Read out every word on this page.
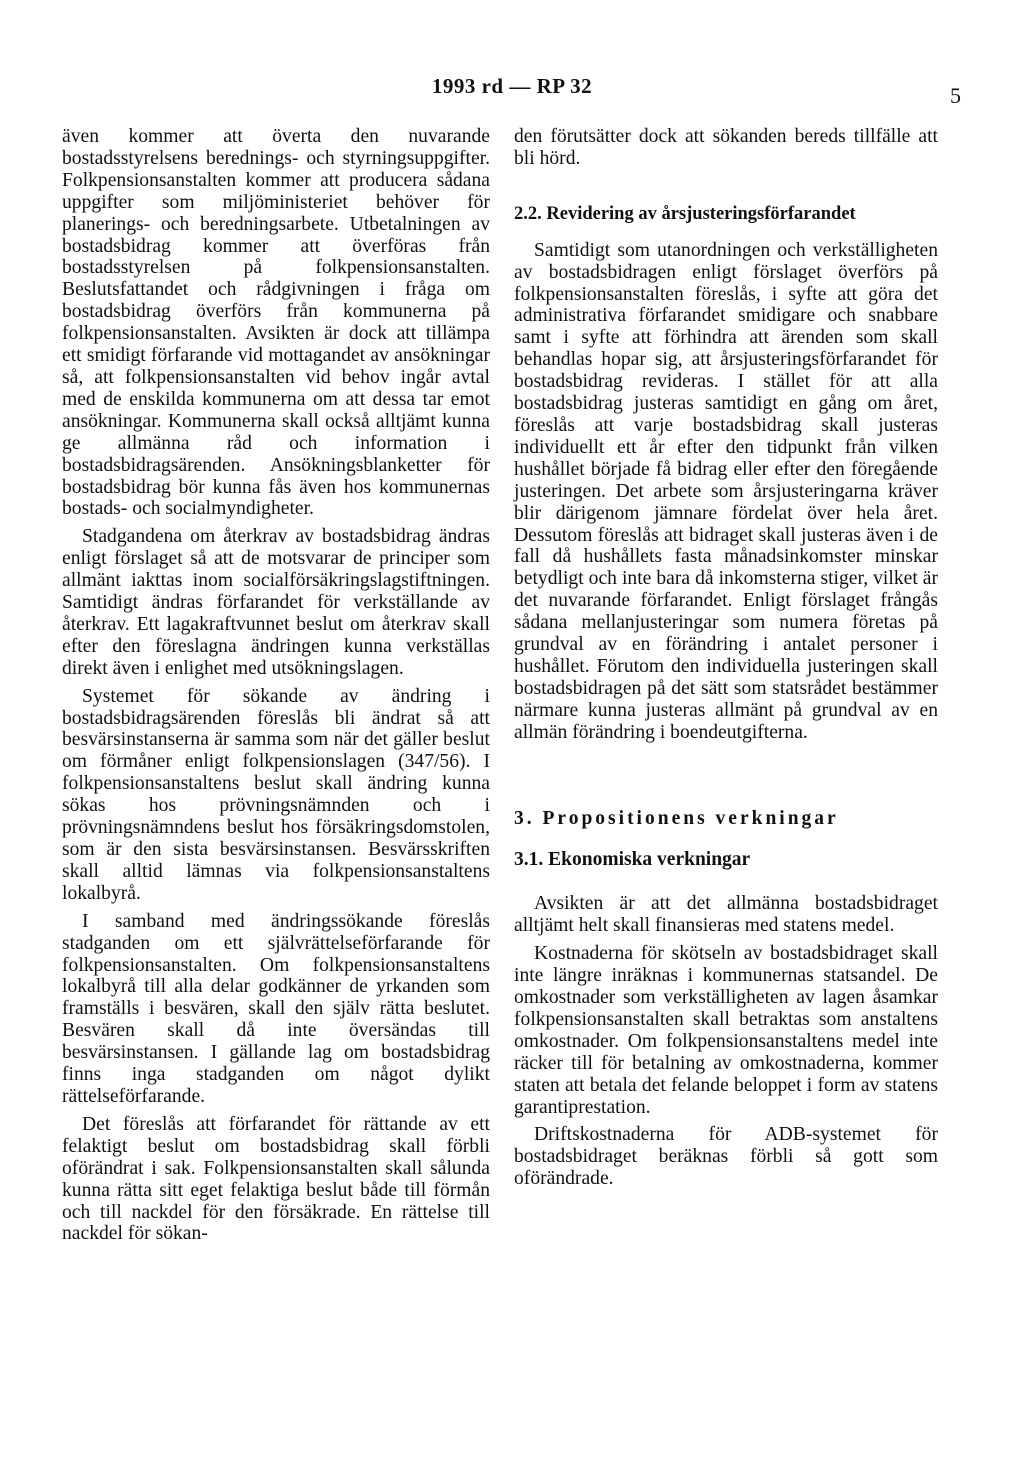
1993 rd — RP 32	5

även kommer att överta den nuvarande bostadsstyrelsens berednings- och styrningsuppgifter. Folkpensionsanstalten kommer att producera sådana uppgifter som miljöministeriet behöver för planerings- och beredningsarbete. Utbetalningen av bostadsbidrag kommer att överföras från bostadsstyrelsen på folkpensionsanstalten. Beslutsfattandet och rådgivningen i fråga om bostadsbidrag överförs från kommunerna på folkpensionsanstalten. Avsikten är dock att tillämpa ett smidigt förfarande vid mottagandet av ansökningar så, att folkpensionsanstalten vid behov ingår avtal med de enskilda kommunerna om att dessa tar emot ansökningar. Kommunerna skall också alltjämt kunna ge allmänna råd och information i bostadsbidragsärenden. Ansökningsblanketter för bostadsbidrag bör kunna fås även hos kommunernas bostads- och socialmyndigheter.

Stadgandena om återkrav av bostadsbidrag ändras enligt förslaget så att de motsvarar de principer som allmänt iakttas inom socialförsäkringslagstiftningen. Samtidigt ändras förfarandet för verkställande av återkrav. Ett lagakraftvunnet beslut om återkrav skall efter den föreslagna ändringen kunna verkställas direkt även i enlighet med utsökningslagen.

Systemet för sökande av ändring i bostadsbidragsärenden föreslås bli ändrat så att besvärsinstanserna är samma som när det gäller beslut om förmåner enligt folkpensionslagen (347/56). I folkpensionsanstaltens beslut skall ändring kunna sökas hos prövningsnämnden och i prövningsnämndens beslut hos försäkringsdomstolen, som är den sista besvärsinstansen. Besvärsskriften skall alltid lämnas via folkpensionsanstaltens lokalbyrå.

I samband med ändringssökande föreslås stadganden om ett självrättelseförfarande för folkpensionsanstalten. Om folkpensionsanstaltens lokalbyrå till alla delar godkänner de yrkanden som framställs i besvären, skall den själv rätta beslutet. Besvären skall då inte översändas till besvärsinstansen. I gällande lag om bostadsbidrag finns inga stadganden om något dylikt rättelseförfarande.

Det föreslås att förfarandet för rättande av ett felaktigt beslut om bostadsbidrag skall förbli oförändrat i sak. Folkpensionsanstalten skall sålunda kunna rätta sitt eget felaktiga beslut både till förmån och till nackdel för den försäkrade. En rättelse till nackdel för sökan-

den förutsätter dock att sökanden bereds tillfälle att bli hörd.

2.2. Revidering av årsjusteringsförfarandet

Samtidigt som utanordningen och verkställigheten av bostadsbidragen enligt förslaget överförs på folkpensionsanstalten föreslås, i syfte att göra det administrativa förfarandet smidigare och snabbare samt i syfte att förhindra att ärenden som skall behandlas hopar sig, att årsjusteringsförfarandet för bostadsbidrag revideras. I stället för att alla bostadsbidrag justeras samtidigt en gång om året, föreslås att varje bostadsbidrag skall justeras individuellt ett år efter den tidpunkt från vilken hushållet började få bidrag eller efter den föregående justeringen. Det arbete som årsjusteringarna kräver blir därigenom jämnare fördelat över hela året. Dessutom föreslås att bidraget skall justeras även i de fall då hushållets fasta månadsinkomster minskar betydligt och inte bara då inkomsterna stiger, vilket är det nuvarande förfarandet. Enligt förslaget frångås sådana mellanjusteringar som numera företas på grundval av en förändring i antalet personer i hushållet. Förutom den individuella justeringen skall bostadsbidragen på det sätt som statsrådet bestämmer närmare kunna justeras allmänt på grundval av en allmän förändring i boendeutgifterna.

3. Propositionens verkningar
3.1. Ekonomiska verkningar

Avsikten är att det allmänna bostadsbidraget alltjämt helt skall finansieras med statens medel.

Kostnaderna för skötseln av bostadsbidraget skall inte längre inräknas i kommunernas statsandel. De omkostnader som verkställigheten av lagen åsamkar folkpensionsanstalten skall betraktas som anstaltens omkostnader. Om folkpensionsanstaltens medel inte räcker till för betalning av omkostnaderna, kommer staten att betala det felande beloppet i form av statens garantiprestation.

Driftskostnaderna för ADB-systemet för bostadsbidraget beräknas förbli så gott som oförändrade.
